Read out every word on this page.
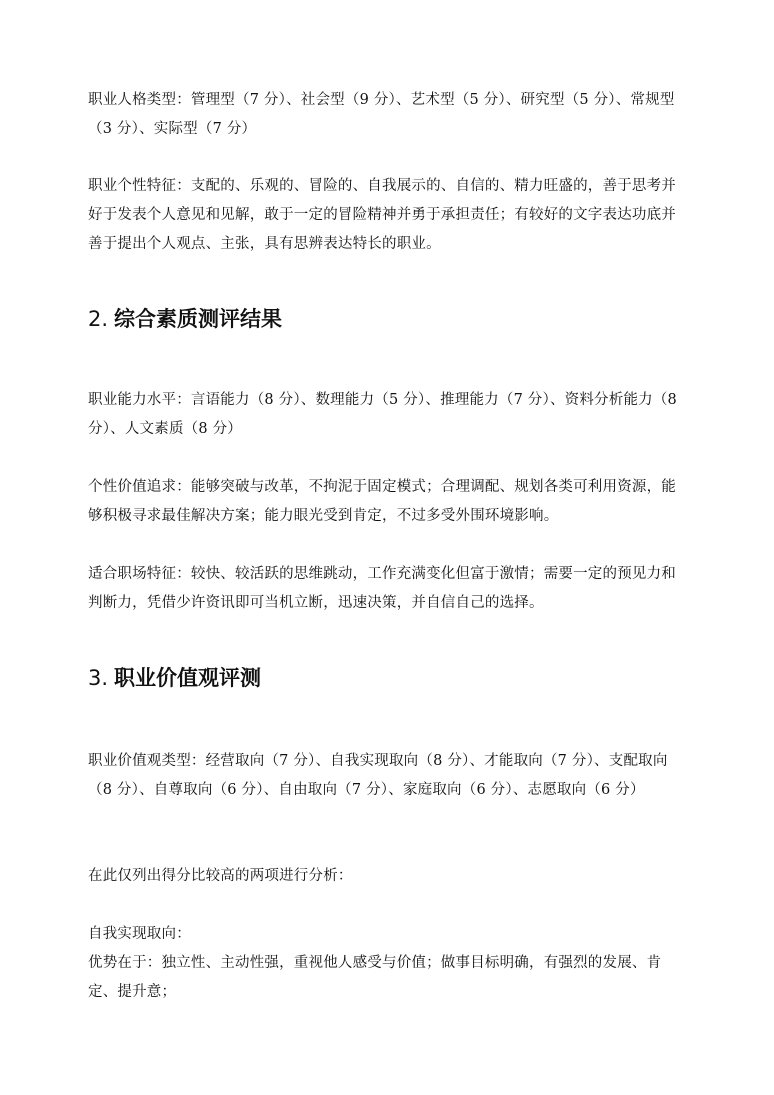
职业人格类型：管理型（7 分）、社会型（9 分）、艺术型（5 分）、研究型（5 分）、常规型（3 分）、实际型（7 分）

职业个性特征：支配的、乐观的、冒险的、自我展示的、自信的、精力旺盛的，善于思考并好于发表个人意见和见解，敢于一定的冒险精神并勇于承担责任；有较好的文字表达功底并善于提出个人观点、主张，具有思辨表达特长的职业。

2. 综合素质测评结果

职业能力水平：言语能力（8 分）、数理能力（5 分）、推理能力（7 分）、资料分析能力（8 分）、人文素质（8 分）

个性价值追求：能够突破与改革，不拘泥于固定模式；合理调配、规划各类可利用资源，能够积极寻求最佳解决方案；能力眼光受到肯定，不过多受外围环境影响。

适合职场特征：较快、较活跃的思维跳动，工作充满变化但富于激情；需要一定的预见力和判断力，凭借少许资讯即可当机立断，迅速决策，并自信自己的选择。

3. 职业价值观评测

职业价值观类型：经营取向（7 分）、自我实现取向（8 分）、才能取向（7 分）、支配取向（8 分）、自尊取向（6 分）、自由取向（7 分）、家庭取向（6 分）、志愿取向（6 分）

在此仅列出得分比较高的两项进行分析：

自我实现取向：
优势在于：独立性、主动性强，重视他人感受与价值；做事目标明确，有强烈的发展、肯定、提升意；
